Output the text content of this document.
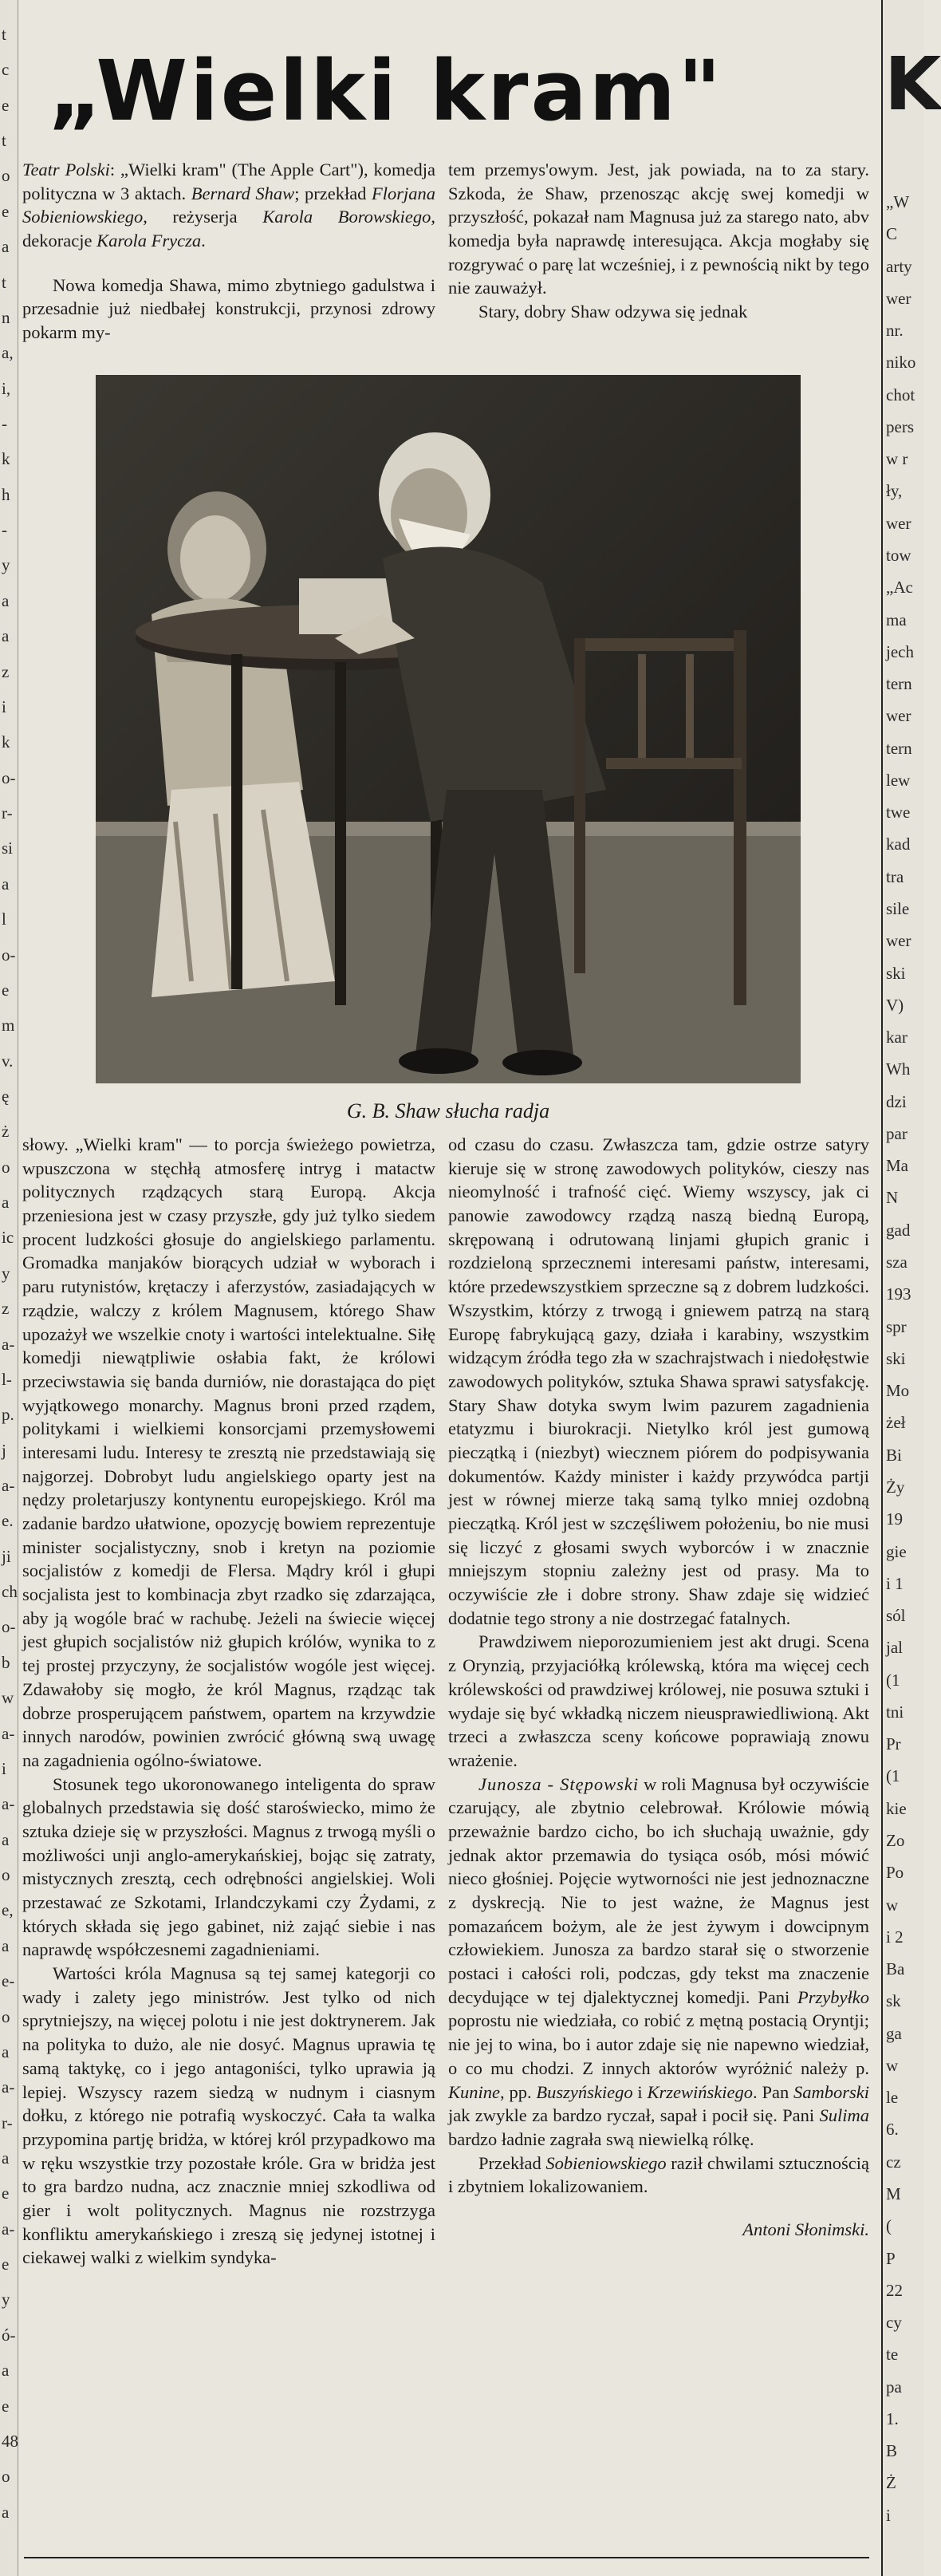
t
c
e
t
o
e
a
t
n
a,
i,
-
k
h
-
y
a
a
z
i
k
o-
r-
si
a
l
o-
e
m
v.
ę
ż
o
a
ic
y
z
a-
l-
p.
j
a-
e.
ji
ch
o-
b
w
a-
i
a-
a
o
e,
a
e-
o
a
a-
r-
a
e
a-
e
y
ó-
a
e
48
o
a
K
„W
C
arty
wer
nr.
niko
chot
pers
w r
ły,
wer
tow
„Ac
ma
jech
tern
wer
tern
lew
twe
kad
tra
sile
wer
ski
V)
kar
Wh
dzi
par
Ma
N
gad
sza
193
spr
ski
Mo
żeł
Bi
Ży
19
gie
i 1
sól
jal
(1
tni
Pr
(1
kie
Zo
Po
w
i 2
Ba
sk
ga
w
le
6.
cz
M
(
P
22
cy
te
pa
1.
B
Ż
i
„Wielki kram"

Teatr Polski: „Wielki kram" (The Apple Cart"), komedja polityczna w 3 aktach. Bernard Shaw; przekład Florjana Sobieniowskiego, reżyserja Karola Borowskiego, dekoracje Karola Frycza.

Nowa komedja Shawa, mimo zbytniego gadulstwa i przesadnie już niedbałej konstrukcji, przynosi zdrowy pokarm my-

tem przemys'owym. Jest, jak powiada, na to za stary. Szkoda, że Shaw, przenosząc akcję swej komedji w przyszłość, pokazał nam Magnusa już za starego nato, abv komedja była naprawdę interesująca. Akcja mogłaby się rozgrywać o parę lat wcześniej, i z pewnością nikt by tego nie zauważył.

Stary, dobry Shaw odzywa się jednak

G. B. Shaw słucha radja

słowy. „Wielki kram" — to porcja świeżego powietrza, wpuszczona w stęchłą atmosferę intryg i matactw politycznych rządzących starą Europą. Akcja przeniesiona jest w czasy przyszłe, gdy już tylko siedem procent ludzkości głosuje do angielskiego parlamentu. Gromadka manjaków biorących udział w wyborach i paru rutynistów, krętaczy i aferzystów, zasiadających w rządzie, walczy z królem Magnusem, którego Shaw upozażył we wszelkie cnoty i wartości intelektualne. Siłę komedji niewątpliwie osłabia fakt, że królowi przeciwstawia się banda durniów, nie dorastająca do pięt wyjątkowego monarchy. Magnus broni przed rządem, politykami i wielkiemi konsorcjami przemysłowemi interesami ludu. Interesy te zresztą nie przedstawiają się najgorzej. Dobrobyt ludu angielskiego oparty jest na nędzy proletarjuszy kontynentu europejskiego. Król ma zadanie bardzo ułatwione, opozycję bowiem reprezentuje minister socjalistyczny, snob i kretyn na poziomie socjalistów z komedji de Flersa. Mądry król i głupi socjalista jest to kombinacja zbyt rzadko się zdarzająca, aby ją wogóle brać w rachubę. Jeżeli na świecie więcej jest głupich socjalistów niż głupich królów, wynika to z tej prostej przyczyny, że socjalistów wogóle jest więcej. Zdawałoby się mogło, że król Magnus, rządząc tak dobrze prosperującem państwem, opartem na krzywdzie innych narodów, powinien zwrócić główną swą uwagę na zagadnienia ogólno-światowe.

Stosunek tego ukoronowanego inteligenta do spraw globalnych przedstawia się dość staroświecko, mimo że sztuka dzieje się w przyszłości. Magnus z trwogą myśli o możliwości unji anglo-amerykańskiej, bojąc się zatraty, mistycznych zresztą, cech odrębności angielskiej. Woli przestawać ze Szkotami, Irlandczykami czy Żydami, z których składa się jego gabinet, niż zająć siebie i nas naprawdę współczesnemi zagadnieniami.

Wartości króla Magnusa są tej samej kategorji co wady i zalety jego ministrów. Jest tylko od nich sprytniejszy, na więcej polotu i nie jest doktrynerem. Jak na polityka to dużo, ale nie dosyć. Magnus uprawia tę samą taktykę, co i jego antagoniści, tylko uprawia ją lepiej. Wszyscy razem siedzą w nudnym i ciasnym dołku, z którego nie potrafią wyskoczyć. Cała ta walka przypomina partję bridża, w której król przypadkowo ma w ręku wszystkie trzy pozostałe króle. Gra w bridża jest to gra bardzo nudna, acz znacznie mniej szkodliwa od gier i wolt politycznych. Magnus nie rozstrzyga konfliktu amerykańskiego i zreszą się jedynej istotnej i ciekawej walki z wielkim syndyka-

od czasu do czasu. Zwłaszcza tam, gdzie ostrze satyry kieruje się w stronę zawodowych polityków, cieszy nas nieomylność i trafność cięć. Wiemy wszyscy, jak ci panowie zawodowcy rządzą naszą biedną Europą, skrępowaną i odrutowaną linjami głupich granic i rozdzieloną sprzecznemi interesami państw, interesami, które przedewszystkiem sprzeczne są z dobrem ludzkości. Wszystkim, którzy z trwogą i gniewem patrzą na starą Europę fabrykującą gazy, działa i karabiny, wszystkim widzącym źródła tego zła w szachrajstwach i niedołęstwie zawodowych polityków, sztuka Shawa sprawi satysfakcję. Stary Shaw dotyka swym lwim pazurem zagadnienia etatyzmu i biurokracji. Nietylko król jest gumową pieczątką i (niezbyt) wiecznem piórem do podpisywania dokumentów. Każdy minister i każdy przywódca partji jest w równej mierze taką samą tylko mniej ozdobną pieczątką. Król jest w szczęśliwem położeniu, bo nie musi się liczyć z głosami swych wyborców i w znacznie mniejszym stopniu zależny jest od prasy. Ma to oczywiście złe i dobre strony. Shaw zdaje się widzieć dodatnie tego strony a nie dostrzegać fatalnych.

Prawdziwem nieporozumieniem jest akt drugi. Scena z Orynzią, przyjaciółką królewską, która ma więcej cech królewskości od prawdziwej królowej, nie posuwa sztuki i wydaje się być wkładką niczem nieusprawiedliwioną. Akt trzeci a zwłaszcza sceny końcowe poprawiają znowu wrażenie.

Junosza - Stępowski w roli Magnusa był oczywiście czarujący, ale zbytnio celebrował. Królowie mówią przeważnie bardzo cicho, bo ich słuchają uważnie, gdy jednak aktor przemawia do tysiąca osób, mósi mówić nieco głośniej. Pojęcie wytworności nie jest jednoznaczne z dyskrecją. Nie to jest ważne, że Magnus jest pomazańcem bożym, ale że jest żywym i dowcipnym człowiekiem. Junosza za bardzo starał się o stworzenie postaci i całości roli, podczas, gdy tekst ma znaczenie decydujące w tej djalektycznej komedji. Pani Przybyłko poprostu nie wiedziała, co robić z mętną postacią Oryntji; nie jej to wina, bo i autor zdaje się nie napewno wiedział, o co mu chodzi. Z innych aktorów wyróżnić należy p. Kunine, pp. Buszyńskiego i Krzewińskiego. Pan Samborski jak zwykle za bardzo ryczał, sapał i pocił się. Pani Sulima bardzo ładnie zagrała swą niewielką rólkę.

Przekład Sobieniowskiego raził chwilami sztucznością i zbytniem lokalizowaniem.

Antoni Słonimski.
